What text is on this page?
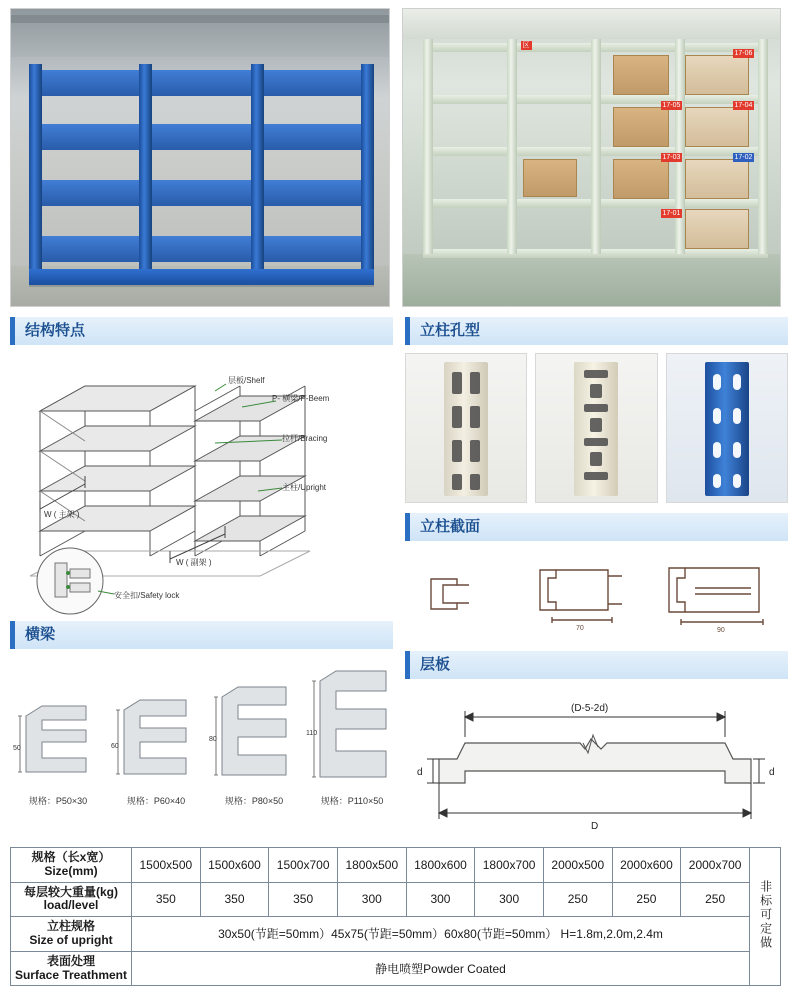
17-06
17-05	17-04
17-03	17-02
17-01
区
结构特点
层板/Shelf
P- 横梁/P-Beem
拉杆/Bracing
主柱/Upright
W ( 主架 )
W ( 副架 )
安全扣/Safety lock
横梁
50
规格：P50×30
60
规格：P60×40
80
规格：P80×50
110
规格：P110×50
立柱孔型
立柱截面
70	90
层板
(D-5-2d)
D
d	d
规格（长x宽）
Size(mm)	1500x500	1500x600	1500x700	1800x500	1800x600	1800x700	2000x500	2000x600	2000x700	非标可定做

每层较大重量(kg)
load/level	350	350	350	300	300	300	250	250	250	

立柱规格
Size of upright	30x50(节距=50mm）45x75(节距=50mm）60x80(节距=50mm） H=1.8m,2.0m,2.4m									

表面处理
Surface Treathment	静电喷塑Powder Coated									
